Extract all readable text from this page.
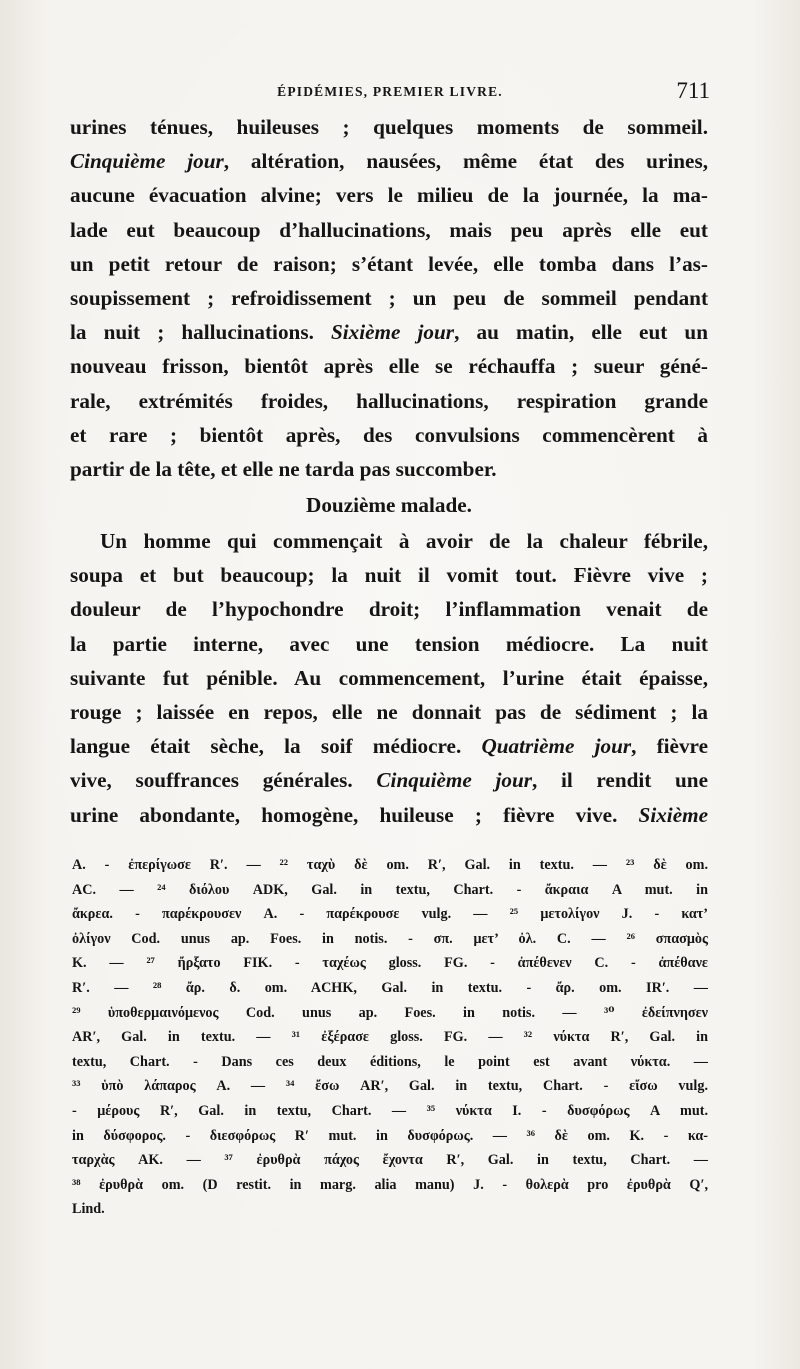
ÉPIDÉMIES, PREMIER LIVRE.	711
urines ténues, huileuses ; quelques moments de sommeil.
Cinquième jour, altération, nausées, même état des urines,
aucune évacuation alvine; vers le milieu de la journée, la ma-
lade eut beaucoup d’hallucinations, mais peu après elle eut
un petit retour de raison; s’étant levée, elle tomba dans l’as-
soupissement ; refroidissement ; un peu de sommeil pendant
la nuit ; hallucinations. Sixième jour, au matin, elle eut un
nouveau frisson, bientôt après elle se réchauffa ; sueur géné-
rale, extrémités froides, hallucinations, respiration grande
et rare ; bientôt après, des convulsions commencèrent à
partir de la tête, et elle ne tarda pas succomber.
Douzième malade.
Un homme qui commençait à avoir de la chaleur fébrile,
soupa et but beaucoup; la nuit il vomit tout. Fièvre vive ;
douleur de l’hypochondre droit; l’inflammation venait de
la partie interne, avec une tension médiocre. La nuit
suivante fut pénible. Au commencement, l’urine était épaisse,
rouge ; laissée en repos, elle ne donnait pas de sédiment ; la
langue était sèche, la soif médiocre. Quatrième jour, fièvre
vive, souffrances générales. Cinquième jour, il rendit une
urine abondante, homogène, huileuse ; fièvre vive. Sixième
A. - ἐπερίγωσε R′. — ²² ταχὺ δὲ om. R′, Gal. in textu. — ²³ δὲ om.
AC. — ²⁴ διόλου ADK, Gal. in textu, Chart. - ἄκραια A mut. in
ἄκρεα. - παρέκρουσεν A. - παρέκρουσε vulg. — ²⁵ μετολίγον J. - κατ’
ὀλίγον Cod. unus ap. Foes. in notis. - σπ. μετ’ ὀλ. C. — ²⁶ σπασμὸς
K. — ²⁷ ἤρξατο FIK. - ταχέως gloss. FG. - ἀπέθενεν C. - ἀπέθανε
R′. — ²⁸ ἄρ. δ. om. ACHK, Gal. in textu. - ἄρ. om. IR′. —
²⁹ ὑποθερμαινόμενος Cod. unus ap. Foes. in notis. — ³⁰ ἐδείπνησεν
AR′, Gal. in textu. — ³¹ ἐξέρασε gloss. FG. — ³² νύκτα R′, Gal. in
textu, Chart. - Dans ces deux éditions, le point est avant νύκτα. —
³³ ὑπὸ λάπαρος A. — ³⁴ ἔσω AR′, Gal. in textu, Chart. - εἴσω vulg.
- μέρους R′, Gal. in textu, Chart. — ³⁵ νύκτα I. - δυσφόρως A mut.
in δύσφορος. - διεσφόρως R′ mut. in δυσφόρως. — ³⁶ δὲ om. K. - κα-
ταρχὰς AK. — ³⁷ ἐρυθρὰ πάχος ἔχοντα R′, Gal. in textu, Chart. —
³⁸ ἐρυθρὰ om. (D restit. in marg. alia manu) J. - θολερὰ pro ἐρυθρὰ Q′,
Lind.
